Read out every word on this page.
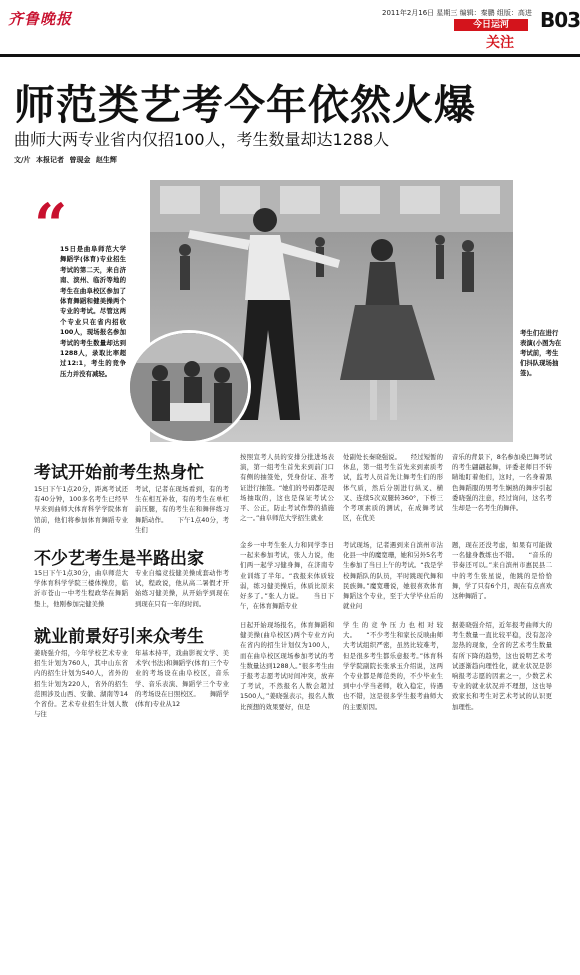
齐鲁晚报	2011年2月16日 星期三 编辑：秦鹏 组版：高进
今日运河
关注
B03
师范类艺考今年依然火爆
曲师大两专业省内仅招100人，考生数量却达1288人
文/片 本报记者 曾现金 赵生辉
“
15日是曲阜师范大学舞蹈学(体育)专业招生考试的第二天，来自济南、滨州、临沂等地的考生在曲阜校区参加了体育舞蹈和健美操两个专业的考试。尽管这两个专业只在省内招收100人，现场报名参加考试的考生数量却达到1288人，录取比率超过12:1，考生的竞争压力并没有减轻。
考生们在进行表演(小图为在考试前，考生们抖队现场抽签)。
考试开始前考生热身忙
15日下午1点20分，距离考试还有40分钟，100多名考生已经早早来到曲师大体育科学学院体育馆前，他们将参加体育舞蹈专业的
考试，记者在现场看到，有的考生在相互补妆，有的考生在单杠前压腿，有的考生在和舞伴练习舞蹈动作。　　下午1点40分，考生们
按照宣考人员的安排分批进场表演，第一组考生首先来到前门口有侧的抽签处，凭身份证、准考证进行抽签。“她们的号码都是现场抽取的，这也是保证考试公平、公正，防止考试作弊的措施之一。”曲阜师范大学招生就业
处副处长秦晓强说。　　经过短暂的休息，第一组考生首先来到素质考试，监考人员首先让舞考生们的形体气质，然后分别进行纵叉、横叉、连续5次双腿转360°，下桥三个考项素质的测试，在成舞考试区，在优美
音乐的背景下，8名参加桑巴舞考试的考生翩翩起舞，评委老师目不转睛地盯着他们，这时，一名身着黑色舞蹈服的男考生娴熟的舞步引起委晓强的注意，经过询问，这名考生却是一名考生的舞伴。
不少艺考生是半路出家
15日下午1点30分，曲阜师范大学体育科学学院三楼体操房，临沂市苍山一中考生程政华在舞蹈垫上，他刚参加完健美操
专业自编竞技健美操成套动作考试，程政说，他从高二暑假才开始练习健美操，从开始学到现在到现在只有一年的时间。
金乡一中考生张人力和同学李日一起来参加考试，张人力说，他们两一起学习健身舞，在济南专业训练了半年。“我报来体质较弱，练习健美操后，体质比原来好多了。”张人力说。　　当日下午，在体育舞蹈专业
考试现场，记者遇到来自滨州市沾化县一中的魔宽珊，她和另外5名考生参加了当日上午的考试。“我是学校舞蹈队的队员，平时跳现代舞和民族舞。”魔宽珊说，她很喜欢体育舞蹈这个专业，至于大学毕业后的就业问
题，现在还没考虑，如果有可能做一名健身教练也不错。　　“音乐的节奏还可以。”来自滨州市惠民县二中的考生张星说，他跳的是恰恰舞，学了只有6个月，现在有点喜欢这种舞蹈了。
就业前景好引来众考生
姜晓强介绍，今年学校艺术专业招生计划为760人，其中山东省内的招生计划为540人，省外的招生计划为220人，省外的招生范围涉及山西、安徽、湖南等14个省份。艺术专业招生计划人数与往
年基本持平，戏曲影视文学、美术学(书法)和舞蹈学(体育)三个专业的考场设在曲阜校区，音乐学、音乐表演、舞蹈学三个专业的考场设在日照校区。　　舞蹈学(体育)专业从12
日起开始现场报名，体育舞蹈和健美操(曲阜校区)两个专业方向在省内的招生计划仅为100人，而在曲阜校区现场参加考试的考生数量达到1288人。”很多考生由于报考志愿考试时间冲突，放弃了考试，不然报名人数会超过1500人，”姜晓强表示，报名人数比预想的效果要好，但是
学生的竞争压力也相对较大。　　“不少考生和家长反映曲师大考试组织严密，虽然比较难考，但是很多考生都乐意报考。”体育科学学院副院长张承玉介绍说，这两个专业都是师范类的，不少毕业生到中小学当老师，收入稳定，待遇也不错，这是很多学生报考曲师大的主要原因。
据姜晓强介绍，近年报考曲师大的考生数量一直比较平稳，没有忽冷忽热的现象，全省的艺术考生数量有所下降的趋势，这也说明艺术考试逐渐趋向理性化，就业状况是影响报考志愿的因素之一，少数艺术专业的就业状况并不理想，这也导致家长和考生对艺术考试的认识更加理性。
